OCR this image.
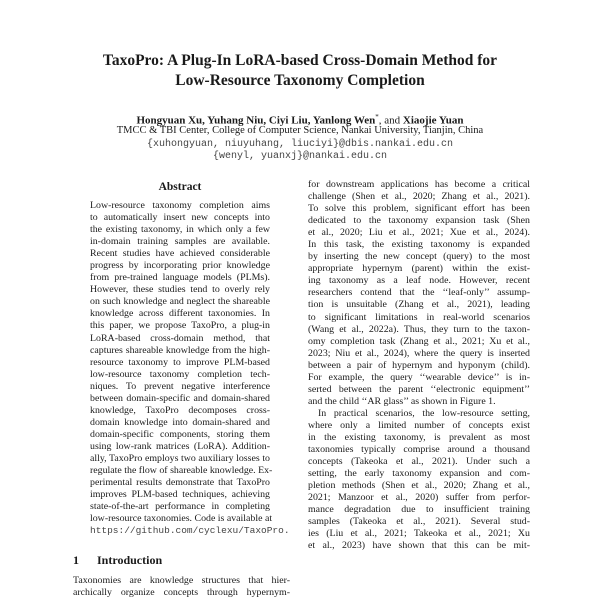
TaxoPro: A Plug-In LoRA-based Cross-Domain Method for
Low-Resource Taxonomy Completion
Hongyuan Xu, Yuhang Niu, Ciyi Liu, Yanlong Wen*, and Xiaojie Yuan
TMCC & TBI Center, College of Computer Science, Nankai University, Tianjin, China
{xuhongyuan, niuyuhang, liuciyi}@dbis.nankai.edu.cn
{wenyl, yuanxj}@nankai.edu.cn
Abstract
Low-resource taxonomy completion aims
to automatically insert new concepts into
the existing taxonomy, in which only a few
in-domain training samples are available.
Recent studies have achieved considerable
progress by incorporating prior knowledge
from pre-trained language models (PLMs).
However, these studies tend to overly rely
on such knowledge and neglect the shareable
knowledge across different taxonomies. In
this paper, we propose TaxoPro, a plug-in
LoRA-based cross-domain method, that
captures shareable knowledge from the high-
resource taxonomy to improve PLM-based
low-resource taxonomy completion tech-
niques. To prevent negative interference
between domain-specific and domain-shared
knowledge, TaxoPro decomposes cross-
domain knowledge into domain-shared and
domain-specific components, storing them
using low-rank matrices (LoRA). Addition-
ally, TaxoPro employs two auxiliary losses to
regulate the flow of shareable knowledge. Ex-
perimental results demonstrate that TaxoPro
improves PLM-based techniques, achieving
state-of-the-art performance in completing
low-resource taxonomies. Code is available at
https://github.com/cyclexu/TaxoPro.
1 Introduction
Taxonomies are knowledge structures that hier-
archically organize concepts through hypernym-
for downstream applications has become a critical
challenge (Shen et al., 2020; Zhang et al., 2021).
To solve this problem, significant effort has been
dedicated to the taxonomy expansion task (Shen
et al., 2020; Liu et al., 2021; Xue et al., 2024).
In this task, the existing taxonomy is expanded
by inserting the new concept (query) to the most
appropriate hypernym (parent) within the exist-
ing taxonomy as a leaf node. However, recent
researchers contend that the ‘‘leaf-only’’ assump-
tion is unsuitable (Zhang et al., 2021), leading
to significant limitations in real-world scenarios
(Wang et al., 2022a). Thus, they turn to the taxon-
omy completion task (Zhang et al., 2021; Xu et al.,
2023; Niu et al., 2024), where the query is inserted
between a pair of hypernym and hyponym (child).
For example, the query ‘‘wearable device’’ is in-
serted between the parent ‘‘electronic equipment’’
and the child ‘‘AR glass’’ as shown in Figure 1.
In practical scenarios, the low-resource setting,
where only a limited number of concepts exist
in the existing taxonomy, is prevalent as most
taxonomies typically comprise around a thousand
concepts (Takeoka et al., 2021). Under such a
setting, the early taxonomy expansion and com-
pletion methods (Shen et al., 2020; Zhang et al.,
2021; Manzoor et al., 2020) suffer from perfor-
mance degradation due to insufficient training
samples (Takeoka et al., 2021). Several stud-
ies (Liu et al., 2021; Takeoka et al., 2021; Xu
et al., 2023) have shown that this can be mit-
